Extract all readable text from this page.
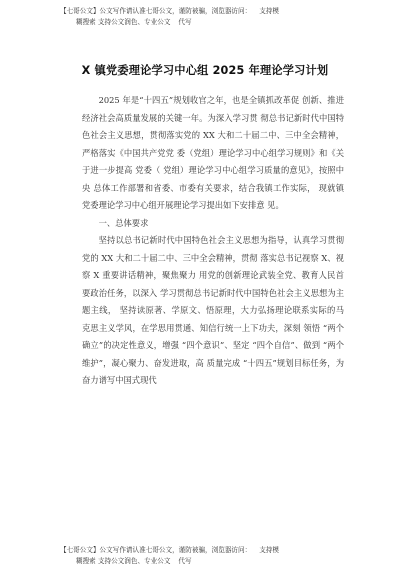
【七哥公文】公文写作请认准七哥公文，谨防被骗，浏览器访问： 支持模
糊搜索 支持公文润色、专业公文 代写
X 镇党委理论学习中心组 2025 年理论学习计划

2025 年是“十四五”规划收官之年，也是全镇抓改革促 创新、推进经济社会高质量发展的关键一年。为深入学习贯 彻总书记新时代中国特色社会主义思想，贯彻落实党的 XX 大和二十届二中、三中全会精神，严格落实《中国共产党党 委（党组）理论学习中心组学习规则》和《关于进一步提高 党委（ 党组）理论学习中心组学习质量的意见》，按照中央 总体工作部署和省委、市委有关要求，结合我镇工作实际， 现就镇党委理论学习中心组开展理论学习提出如下安排意 见。

一、总体要求

坚持以总书记新时代中国特色社会主义思想为指导，认真学习贯彻党的 XX 大和二十届二中、三中全会精神，贯彻 落实总书记视察 X、视察 X 重要讲话精神，聚焦聚力 用党的创新理论武装全党、教育人民首要政治任务，以深入 学习贯彻总书记新时代中国特色社会主义思想为主题主线， 坚持读原著、学原文、悟原理，大力弘扬理论联系实际的马 克思主义学风，在学思用贯通、知信行统一上下功夫，深刻 领悟 “两个确立”的决定性意义，增强 “四个意识”、坚定 “四个自信”、做到 “两个维护”，凝心聚力、奋发进取，高 质量完成 “十四五”规划目标任务，为奋力谱写中国式现代

【七哥公文】公文写作请认准七哥公文，谨防被骗，浏览器访问： 支持模
糊搜索 支持公文润色、专业公文 代写
